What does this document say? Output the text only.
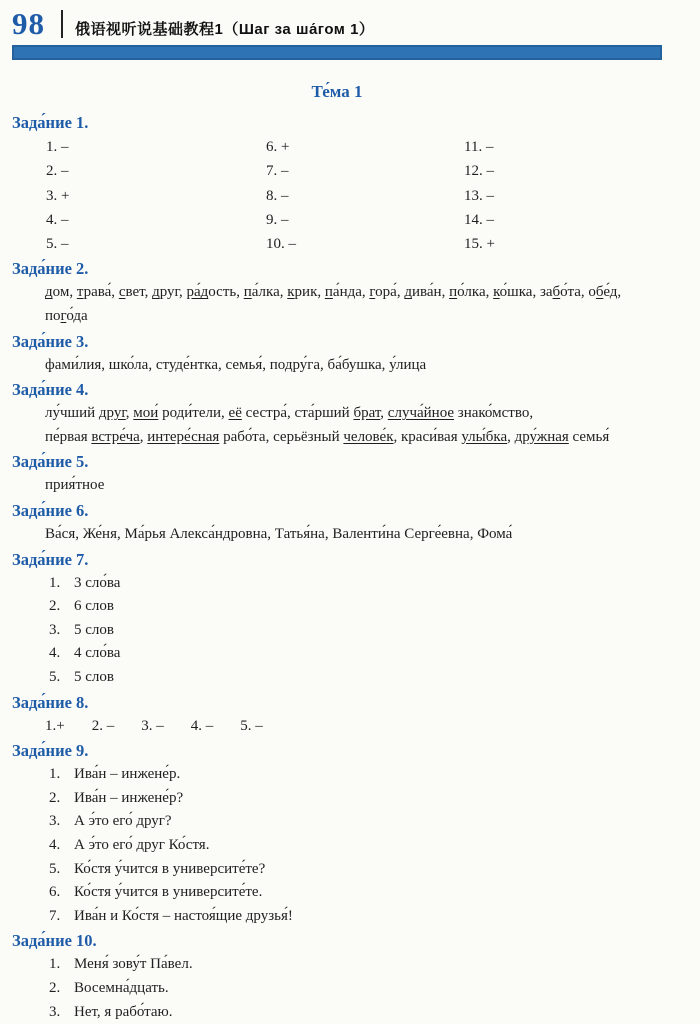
98 俄语视听说基础教程1（Шаг за ша́гом 1）
Те́ма 1
Зада́ние 1.
1. –
2. –
3. +
4. –
5. –
6. +
7. –
8. –
9. –
10. –
11. –
12. –
13. –
14. –
15. +
Зада́ние 2.

дом, трава́, свет, друг, ра́дость, па́лка, крик, па́нда, гора́, дива́н, по́лка, ко́шка, забо́та, обе́д,

пого́да

Зада́ние 3.

фами́лия, шко́ла, студе́нтка, семья́, подру́га, ба́бушка, у́лица

Зада́ние 4.

лу́чший друг, мои́ роди́тели, её сестра́, ста́рший брат, случа́йное знако́мство,

пе́рвая встре́ча, интере́сная рабо́та, серьёзный челове́к, краси́вая улы́бка, дру́жная семья́

Зада́ние 5.

прия́тное

Зада́ние 6.

Ва́ся, Же́ня, Ма́рья Алекса́ндровна, Татья́на, Валенти́на Серге́евна, Фома́

Зада́ние 7.
1. 3 сло́ва
2. 6 слов
3. 5 слов
4. 4 сло́ва
5. 5 слов
Зада́ние 8.

1.+ 2. – 3. – 4. – 5. –

Зада́ние 9.
1. Ива́н – инжене́р.
2. Ива́н – инжене́р?
3. А э́то его́ друг?
4. А э́то его́ друг Ко́стя.
5. Ко́стя у́чится в университе́те?
6. Ко́стя у́чится в университе́те.
7. Ива́н и Ко́стя – настоя́щие друзья́!
Зада́ние 10.
1. Меня́ зову́т Па́вел.
2. Восемна́дцать.
3. Нет, я рабо́таю.
